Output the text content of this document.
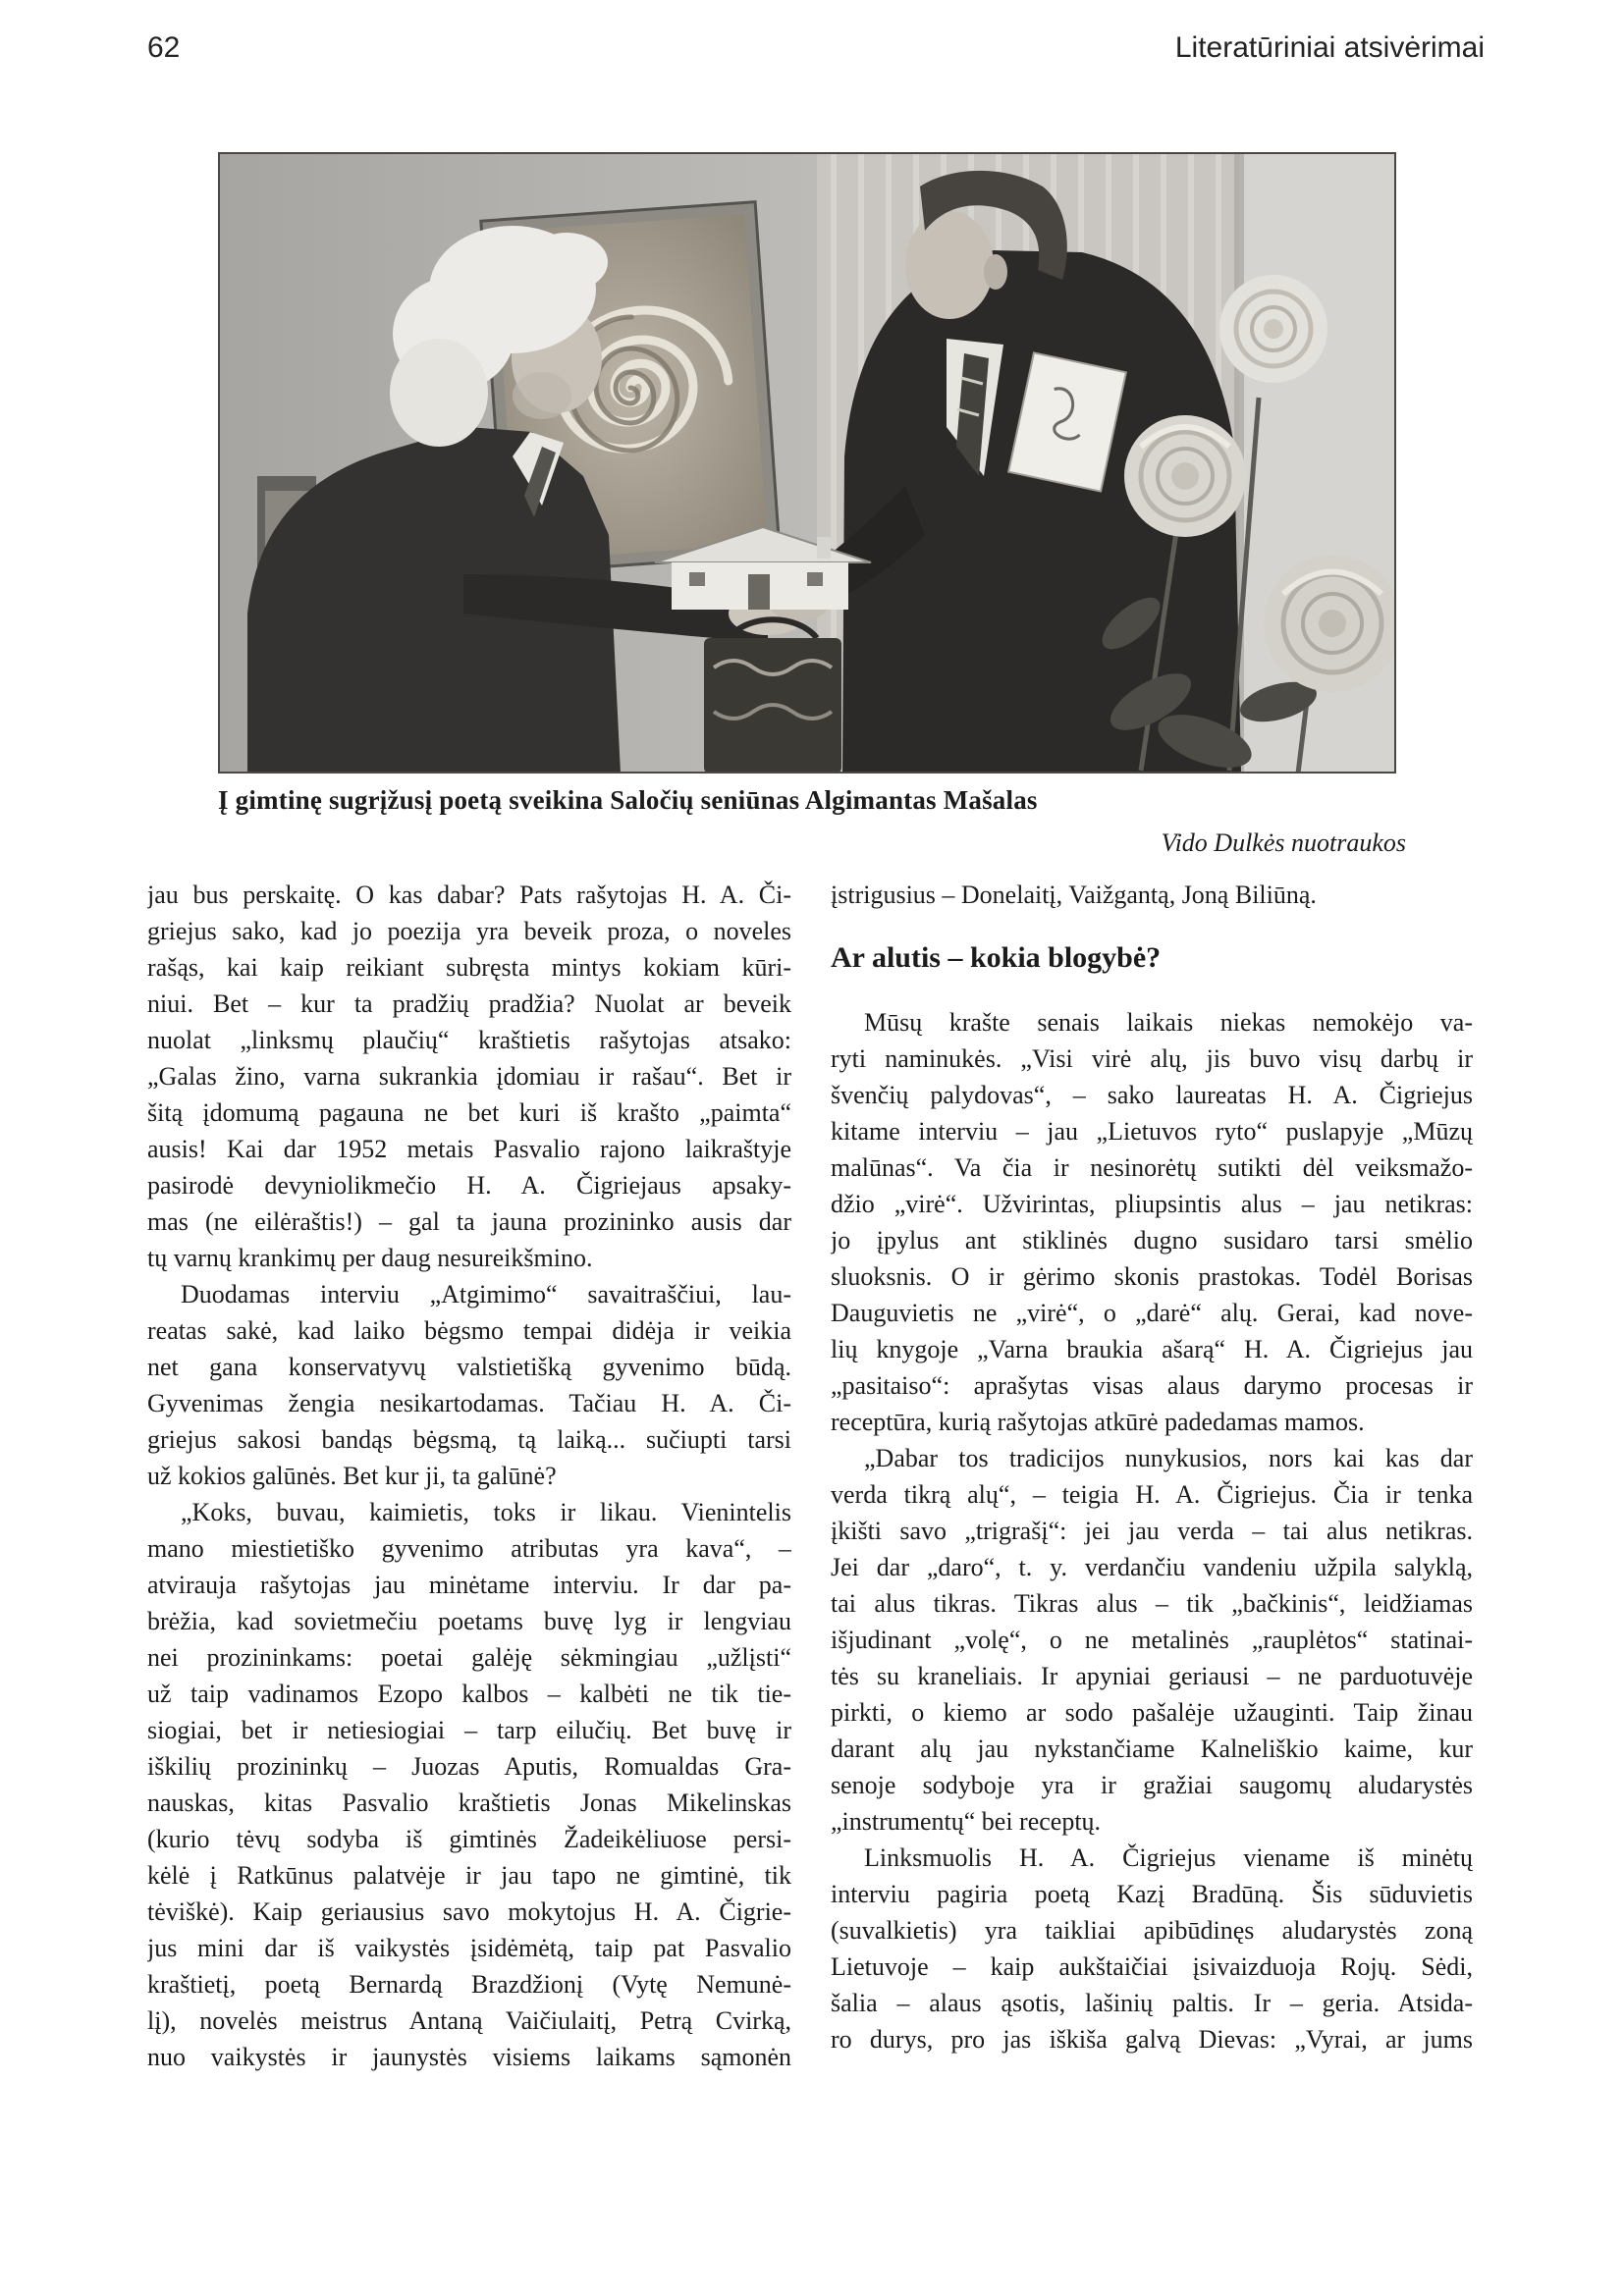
62	Literatūriniai atsivėrimai
Į gimtinę sugrįžusį poetą sveikina Saločių seniūnas Algimantas Mašalas
Vido Dulkės nuotraukos
jau bus perskaitę. O kas dabar? Pats rašytojas H. A. Či-
griejus sako, kad jo poezija yra beveik proza, o noveles
rašąs, kai kaip reikiant subręsta mintys kokiam kūri-
niui. Bet – kur ta pradžių pradžia? Nuolat ar beveik
nuolat „linksmų plaučių“ kraštietis rašytojas atsako:
„Galas žino, varna sukrankia įdomiau ir rašau“. Bet ir
šitą įdomumą pagauna ne bet kuri iš krašto „paimta“
ausis! Kai dar 1952 metais Pasvalio rajono laikraštyje
pasirodė devyniolikmečio H. A. Čigriejaus apsaky-
mas (ne eilėraštis!) – gal ta jauna prozininko ausis dar
tų varnų krankimų per daug nesureikšmino.
Duodamas interviu „Atgimimo“ savaitraščiui, lau-
reatas sakė, kad laiko bėgsmo tempai didėja ir veikia
net gana konservatyvų valstietišką gyvenimo būdą.
Gyvenimas žengia nesikartodamas. Tačiau H. A. Či-
griejus sakosi bandąs bėgsmą, tą laiką... sučiupti tarsi
už kokios galūnės. Bet kur ji, ta galūnė?
„Koks, buvau, kaimietis, toks ir likau. Vienintelis
mano miestietiško gyvenimo atributas yra kava“, –
atvirauja rašytojas jau minėtame interviu. Ir dar pa-
brėžia, kad sovietmečiu poetams buvę lyg ir lengviau
nei prozininkams: poetai galėję sėkmingiau „užlįsti“
už taip vadinamos Ezopo kalbos – kalbėti ne tik tie-
siogiai, bet ir netiesiogiai – tarp eilučių. Bet buvę ir
iškilių prozininkų – Juozas Aputis, Romualdas Gra-
nauskas, kitas Pasvalio kraštietis Jonas Mikelinskas
(kurio tėvų sodyba iš gimtinės Žadeikėliuose persi-
kėlė į Ratkūnus palatvėje ir jau tapo ne gimtinė, tik
tėviškė). Kaip geriausius savo mokytojus H. A. Čigrie-
jus mini dar iš vaikystės įsidėmėtą, taip pat Pasvalio
kraštietį, poetą Bernardą Brazdžionį (Vytę Nemunė-
lį), novelės meistrus Antaną Vaičiulaitį, Petrą Cvirką,
nuo vaikystės ir jaunystės visiems laikams sąmonėn
įstrigusius – Donelaitį, Vaižgantą, Joną Biliūną.
Ar alutis – kokia blogybė?
Mūsų krašte senais laikais niekas nemokėjo va-
ryti naminukės. „Visi virė alų, jis buvo visų darbų ir
švenčių palydovas“, – sako laureatas H. A. Čigriejus
kitame interviu – jau „Lietuvos ryto“ puslapyje „Mūzų
malūnas“. Va čia ir nesinorėtų sutikti dėl veiksmažo-
džio „virė“. Užvirintas, pliupsintis alus – jau netikras:
jo įpylus ant stiklinės dugno susidaro tarsi smėlio
sluoksnis. O ir gėrimo skonis prastokas. Todėl Borisas
Dauguvietis ne „virė“, o „darė“ alų. Gerai, kad nove-
lių knygoje „Varna braukia ašarą“ H. A. Čigriejus jau
„pasitaiso“: aprašytas visas alaus darymo procesas ir
receptūra, kurią rašytojas atkūrė padedamas mamos.
„Dabar tos tradicijos nunykusios, nors kai kas dar
verda tikrą alų“, – teigia H. A. Čigriejus. Čia ir tenka
įkišti savo „trigrašį“: jei jau verda – tai alus netikras.
Jei dar „daro“, t. y. verdančiu vandeniu užpila salyklą,
tai alus tikras. Tikras alus – tik „bačkinis“, leidžiamas
išjudinant „volę“, o ne metalinės „rauplėtos“ statinai-
tės su kraneliais. Ir apyniai geriausi – ne parduotuvėje
pirkti, o kiemo ar sodo pašalėje užauginti. Taip žinau
darant alų jau nykstančiame Kalneliškio kaime, kur
senoje sodyboje yra ir gražiai saugomų aludarystės
„instrumentų“ bei receptų.
Linksmuolis H. A. Čigriejus viename iš minėtų
interviu pagiria poetą Kazį Bradūną. Šis sūduvietis
(suvalkietis) yra taikliai apibūdinęs aludarystės zoną
Lietuvoje – kaip aukštaičiai įsivaizduoja Rojų. Sėdi,
šalia – alaus ąsotis, lašinių paltis. Ir – geria. Atsida-
ro durys, pro jas iškiša galvą Dievas: „Vyrai, ar jums
